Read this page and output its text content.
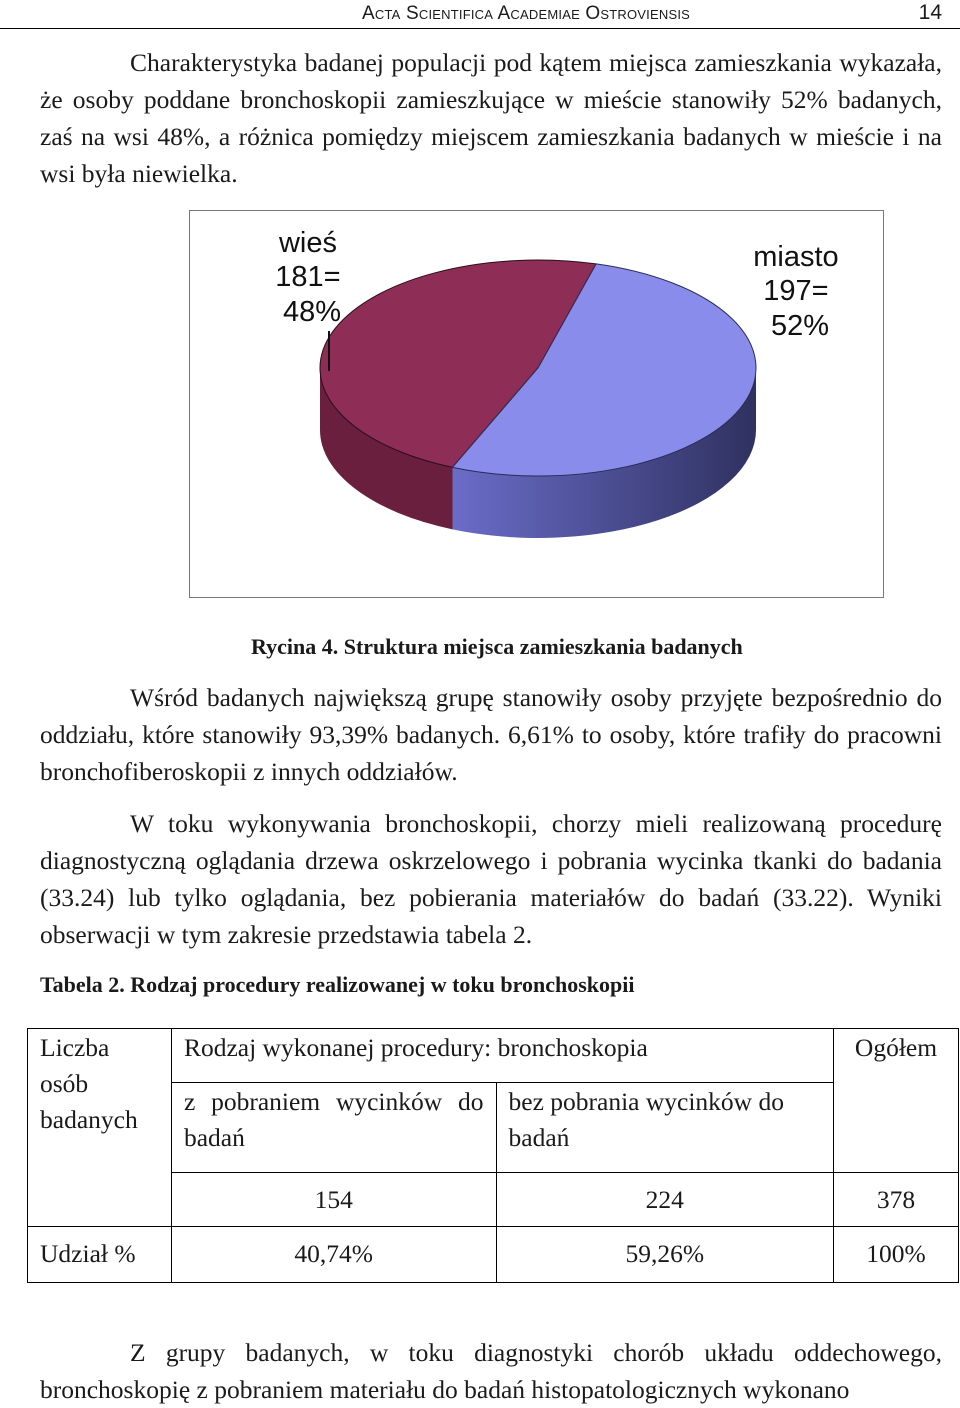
Acta Scientifica Academiae Ostroviensis	14

Charakterystyka badanej populacji pod kątem miejsca zamieszkania wykazała, że osoby poddane bronchoskopii zamieszkujące w mieście stanowiły 52% badanych, zaś na wsi 48%, a różnica pomiędzy miejscem zamieszkania badanych w mieście i na wsi była niewielka.

wieś 181= 48%
miasto 197= 52%

Rycina 4. Struktura miejsca zamieszkania badanych

Wśród badanych największą grupę stanowiły osoby przyjęte bezpośrednio do oddziału, które stanowiły 93,39% badanych. 6,61% to osoby, które trafiły do pracowni bronchofiberoskopii z innych oddziałów.

W toku wykonywania bronchoskopii, chorzy mieli realizowaną procedurę diagnostyczną oglądania drzewa oskrzelowego i pobrania wycinka tkanki do badania (33.24) lub tylko oglądania, bez pobierania materiałów do badań (33.22). Wyniki obserwacji w tym zakresie przedstawia tabela 2.

Tabela 2. Rodzaj procedury realizowanej w toku bronchoskopii

Liczba osób badanych	Rodzaj wykonanej procedury: bronchoskopia		Ogółem
	z pobraniem wycinków do badań	bez pobrania wycinków do badań	
	154	224	378
Udział %	40,74%	59,26%	100%

Z grupy badanych, w toku diagnostyki chorób układu oddechowego, bronchoskopię z pobraniem materiału do badań histopatologicznych wykonano
